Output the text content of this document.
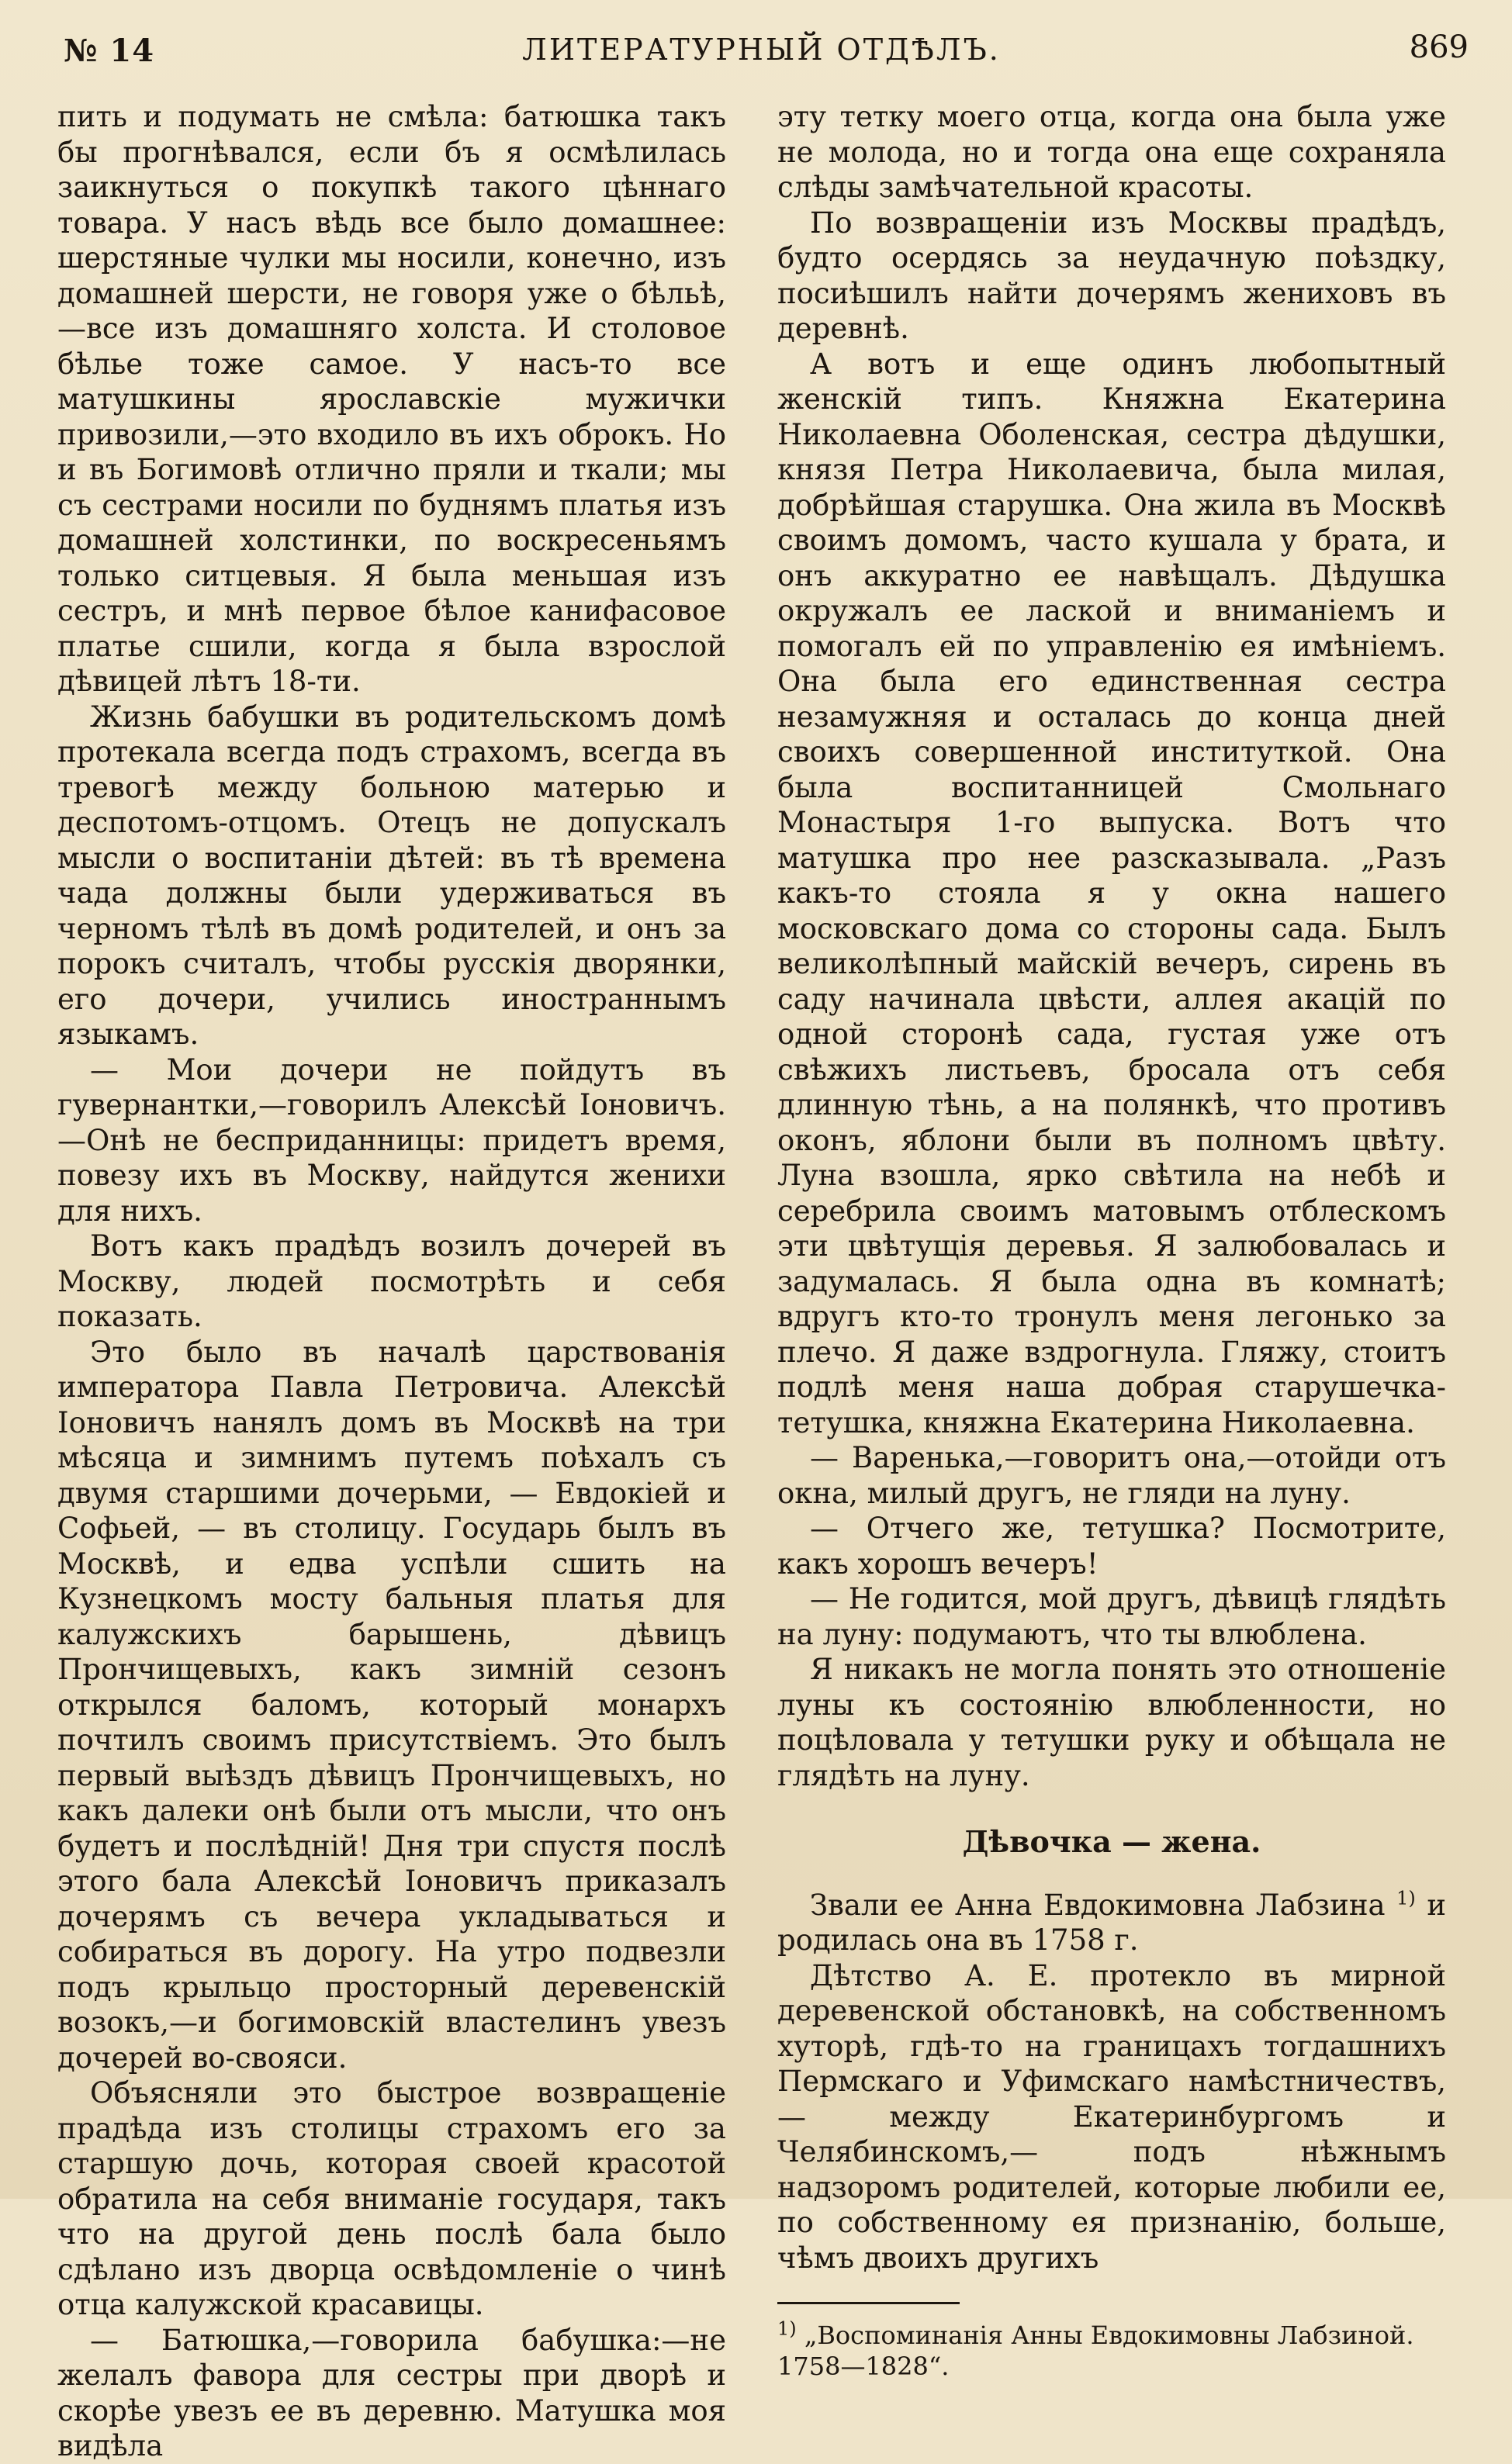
№ 14	ЛИТЕРАТУРНЫЙ ОТДѢЛЪ.	869

пить и подумать не смѣла: батюшка такъ бы прогнѣвался, если бъ я осмѣлилась заикнуться о покупкѣ такого цѣннаго товара. У насъ вѣдь все было домашнее: шерстяные чулки мы носили, конечно, изъ домашней шерсти, не говоря уже о бѣльѣ,—все изъ домашняго холста. И столовое бѣлье тоже самое. У насъ-то все матушкины ярославскіе мужички привозили,—это входило въ ихъ оброкъ. Но и въ Богимовѣ отлично пряли и ткали; мы съ сестрами носили по буднямъ платья изъ домашней холстинки, по воскресеньямъ только ситцевыя. Я была меньшая изъ сестръ, и мнѣ первое бѣлое канифасовое платье сшили, когда я была взрослой дѣвицей лѣтъ 18-ти.

Жизнь бабушки въ родительскомъ домѣ протекала всегда подъ страхомъ, всегда въ тревогѣ между больною матерью и деспотомъ-отцомъ. Отецъ не допускалъ мысли о воспитаніи дѣтей: въ тѣ времена чада должны были удерживаться въ черномъ тѣлѣ въ домѣ родителей, и онъ за порокъ считалъ, чтобы русскія дворянки, его дочери, учились иностраннымъ языкамъ.

— Мои дочери не пойдутъ въ гувернантки,—говорилъ Алексѣй Іоновичъ.—Онѣ не бесприданницы: придетъ время, повезу ихъ въ Москву, найдутся женихи для нихъ.

Вотъ какъ прадѣдъ возилъ дочерей въ Москву, людей посмотрѣть и себя показать.

Это было въ началѣ царствованія императора Павла Петровича. Алексѣй Іоновичъ нанялъ домъ въ Москвѣ на три мѣсяца и зимнимъ путемъ поѣхалъ съ двумя старшими дочерьми, — Евдокіей и Софьей, — въ столицу. Государь былъ въ Москвѣ, и едва успѣли сшить на Кузнецкомъ мосту бальныя платья для калужскихъ барышень, дѣвицъ Прончищевыхъ, какъ зимній сезонъ открылся баломъ, который монархъ почтилъ своимъ присутствіемъ. Это былъ первый выѣздъ дѣвицъ Прончищевыхъ, но какъ далеки онѣ были отъ мысли, что онъ будетъ и послѣдній! Дня три спустя послѣ этого бала Алексѣй Іоновичъ приказалъ дочерямъ съ вечера укладываться и собираться въ дорогу. На утро подвезли подъ крыльцо просторный деревенскій возокъ,—и богимовскій властелинъ увезъ дочерей во-свояси.

Объясняли это быстрое возвращеніе прадѣда изъ столицы страхомъ его за старшую дочь, которая своей красотой обратила на себя вниманіе государя, такъ что на другой день послѣ бала было сдѣлано изъ дворца освѣдомленіе о чинѣ отца калужской красавицы.

— Батюшка,—говорила бабушка:—не желалъ фавора для сестры при дворѣ и скорѣе увезъ ее въ деревню. Матушка моя видѣла

эту тетку моего отца, когда она была уже не молода, но и тогда она еще сохраняла слѣды замѣчательной красоты.

По возвращеніи изъ Москвы прадѣдъ, будто осердясь за неудачную поѣздку, посиѣшилъ найти дочерямъ жениховъ въ деревнѣ.

А вотъ и еще одинъ любопытный женскій типъ. Княжна Екатерина Николаевна Оболенская, сестра дѣдушки, князя Петра Николаевича, была милая, добрѣйшая старушка. Она жила въ Москвѣ своимъ домомъ, часто кушала у брата, и онъ аккуратно ее навѣщалъ. Дѣдушка окружалъ ее лаской и вниманіемъ и помогалъ ей по управленію ея имѣніемъ. Она была его единственная сестра незамужняя и осталась до конца дней своихъ совершенной институткой. Она была воспитанницей Смольнаго Монастыря 1-го выпуска. Вотъ что матушка про нее разсказывала. „Разъ какъ-то стояла я у окна нашего московскаго дома со стороны сада. Былъ великолѣпный майскій вечеръ, сирень въ саду начинала цвѣсти, аллея акацій по одной сторонѣ сада, густая уже отъ свѣжихъ листьевъ, бросала отъ себя длинную тѣнь, а на полянкѣ, что противъ оконъ, яблони были въ полномъ цвѣту. Луна взошла, ярко свѣтила на небѣ и серебрила своимъ матовымъ отблескомъ эти цвѣтущія деревья. Я залюбовалась и задумалась. Я была одна въ комнатѣ; вдругъ кто-то тронулъ меня легонько за плечо. Я даже вздрогнула. Гляжу, стоитъ подлѣ меня наша добрая старушечка-тетушка, княжна Екатерина Николаевна.

— Варенька,—говоритъ она,—отойди отъ окна, милый другъ, не гляди на луну.

— Отчего же, тетушка? Посмотрите, какъ хорошъ вечеръ!

— Не годится, мой другъ, дѣвицѣ глядѣть на луну: подумаютъ, что ты влюблена.

Я никакъ не могла понять это отношеніе луны къ состоянію влюбленности, но поцѣловала у тетушки руку и обѣщала не глядѣть на луну.

Дѣвочка — жена.

Звали ее Анна Евдокимовна Лабзина $^{1)}$ и родилась она въ 1758 г.

Дѣтство А. Е. протекло въ мирной деревенской обстановкѣ, на собственномъ хуторѣ, гдѣ-то на границахъ тогдашнихъ Пермскаго и Уфимскаго намѣстничествъ, — между Екатеринбургомъ и Челябинскомъ,— подъ нѣжнымъ надзоромъ родителей, которые любили ее, по собственному ея признанію, больше, чѣмъ двоихъ другихъ

$^{1)}$ „Воспоминанія Анны Евдокимовны Лабзиной. 1758—1828“.
